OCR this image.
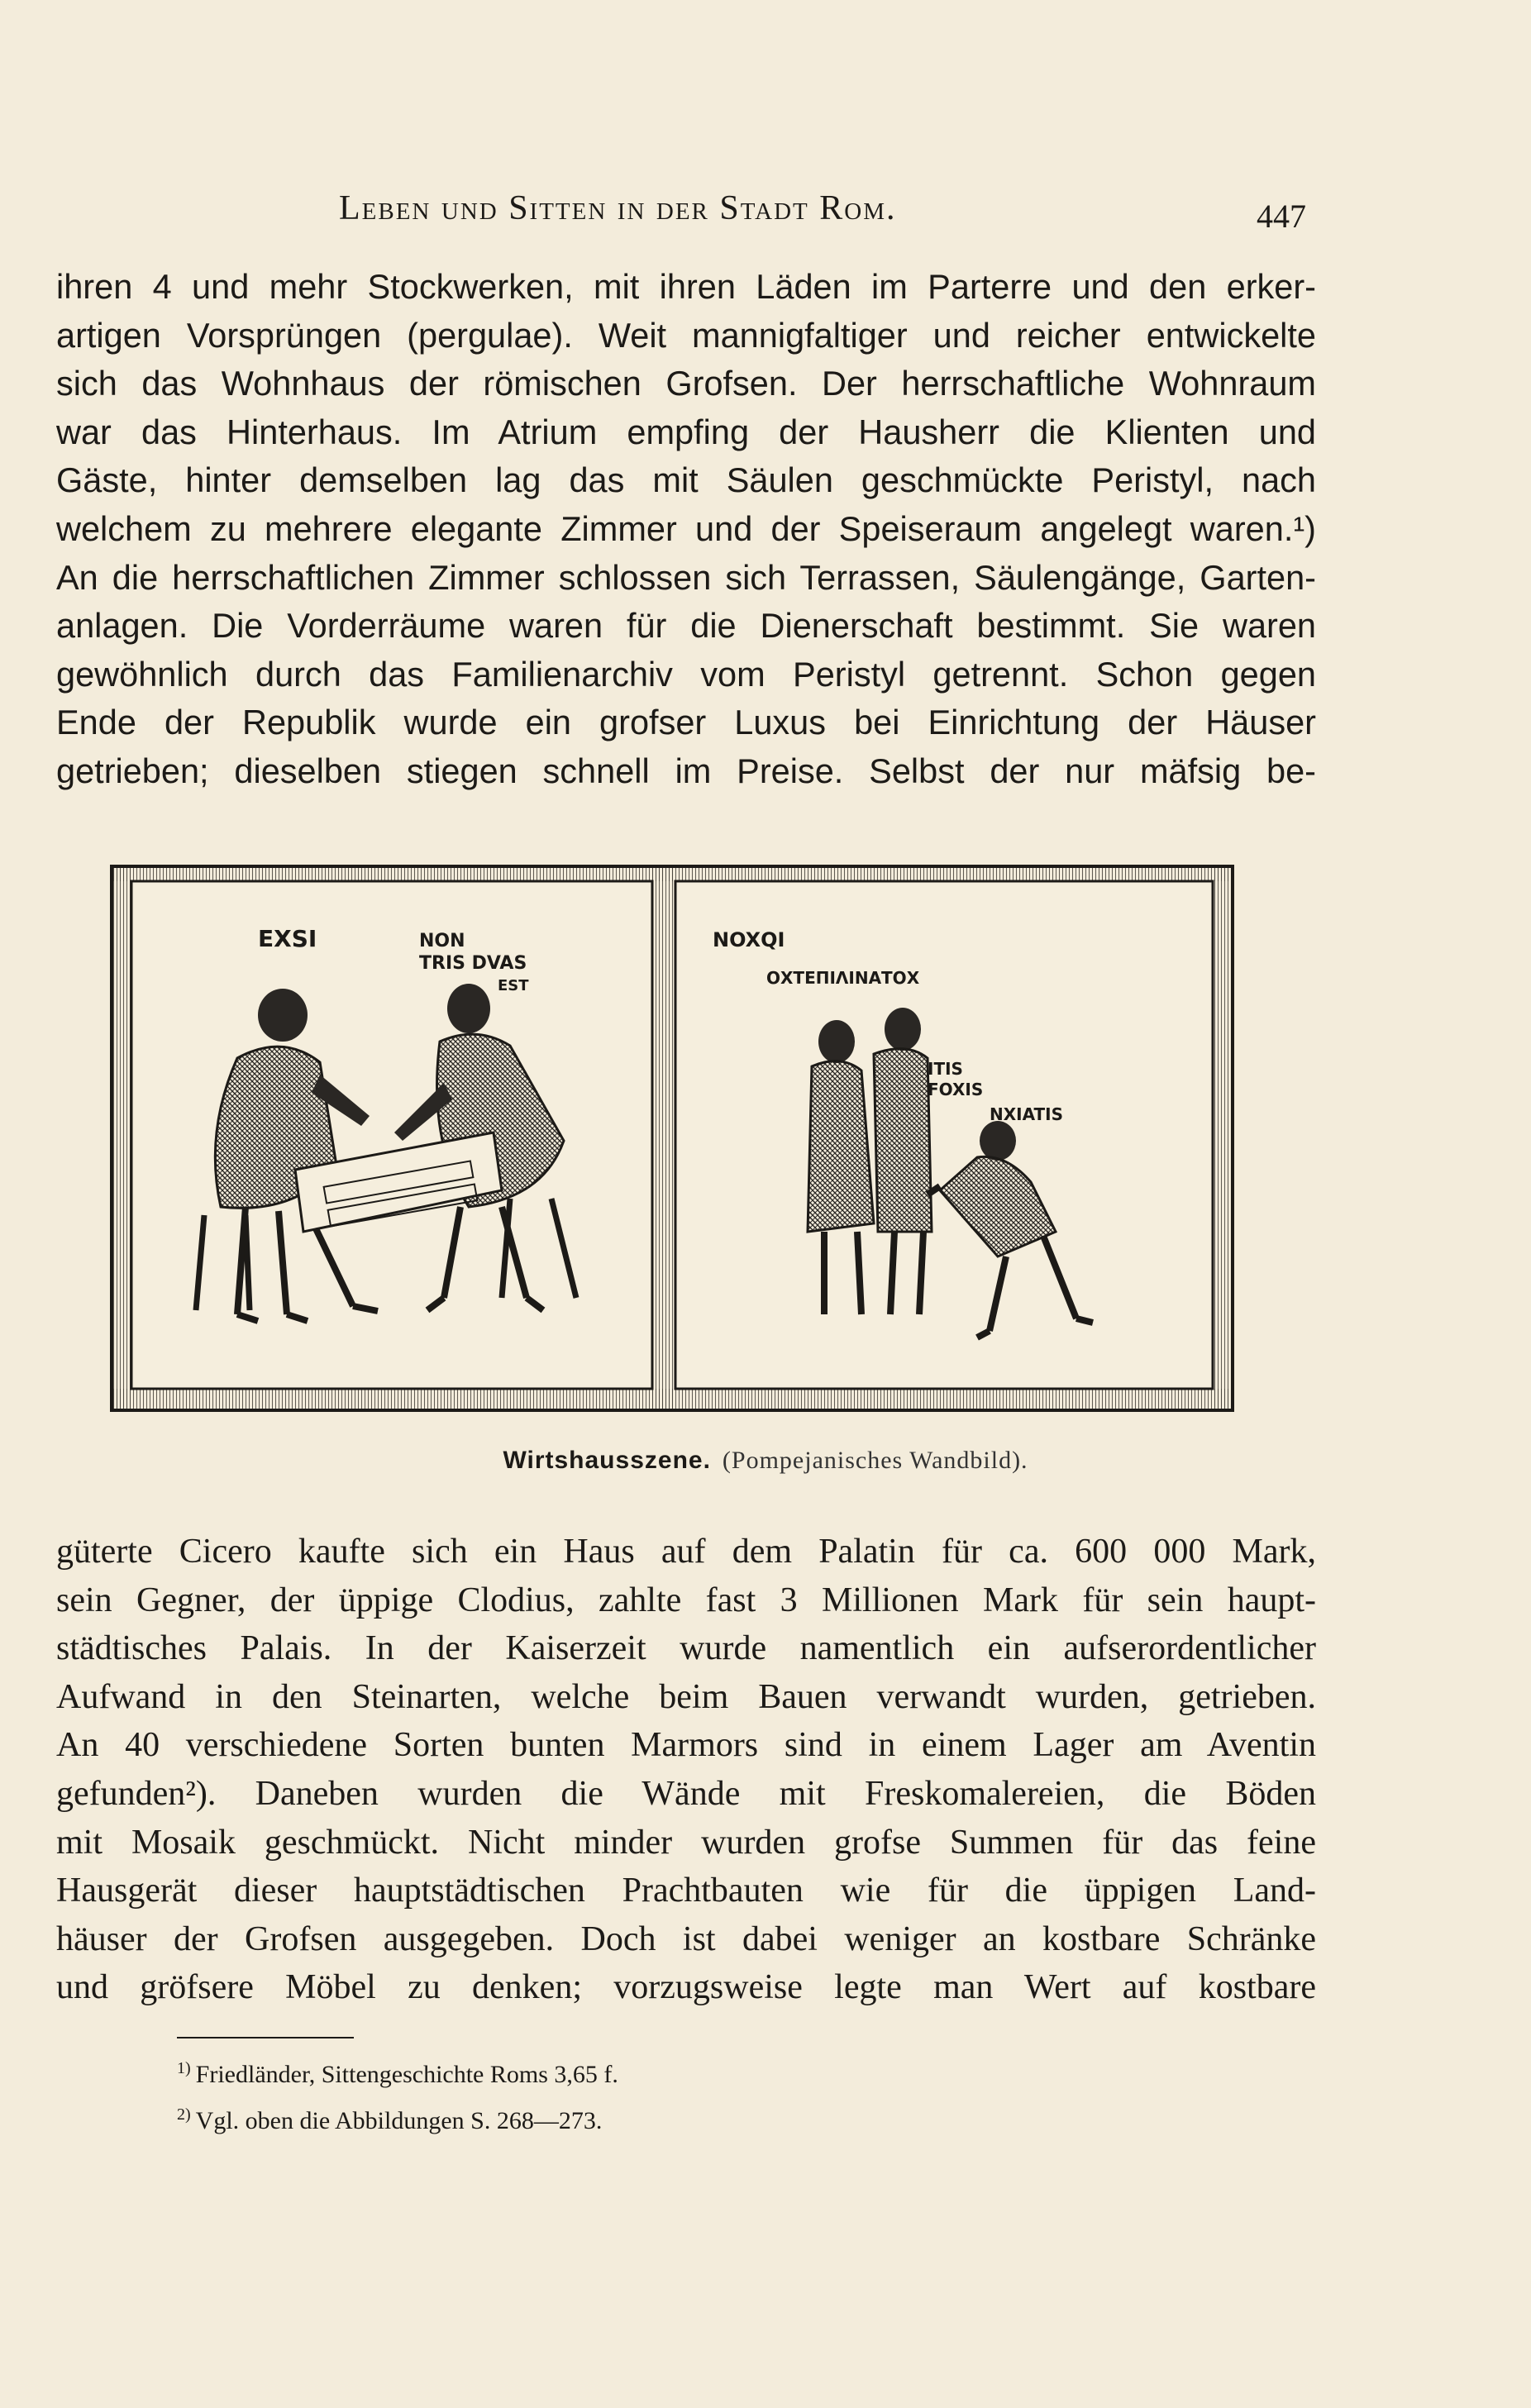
Leben und Sitten in der Stadt Rom.	447
ihren 4 und mehr Stockwerken, mit ihren Läden im Parterre und den erker-
artigen Vorsprüngen (pergulae). Weit mannigfaltiger und reicher entwickelte
sich das Wohnhaus der römischen Grofsen. Der herrschaftliche Wohnraum
war das Hinterhaus. Im Atrium empfing der Hausherr die Klienten und
Gäste, hinter demselben lag das mit Säulen geschmückte Peristyl, nach
welchem zu mehrere elegante Zimmer und der Speiseraum angelegt waren.¹)
An die herrschaftlichen Zimmer schlossen sich Terrassen, Säulengänge, Garten-
anlagen. Die Vorderräume waren für die Dienerschaft bestimmt. Sie waren
gewöhnlich durch das Familienarchiv vom Peristyl getrennt. Schon gegen
Ende der Republik wurde ein grofser Luxus bei Einrichtung der Häuser
getrieben; dieselben stiegen schnell im Preise. Selbst der nur mäfsig be-
EXSI	NON
TRIS DVAS
EST
NOXQI
ΟΧΤΕΠΙΛΙΝΑΤΟΧ
ITIS
FOXIS
NXIATIS
Wirtshausszene. (Pompejanisches Wandbild).
güterte Cicero kaufte sich ein Haus auf dem Palatin für ca. 600 000 Mark,
sein Gegner, der üppige Clodius, zahlte fast 3 Millionen Mark für sein haupt-
städtisches Palais. In der Kaiserzeit wurde namentlich ein aufserordentlicher
Aufwand in den Steinarten, welche beim Bauen verwandt wurden, getrieben.
An 40 verschiedene Sorten bunten Marmors sind in einem Lager am Aventin
gefunden²). Daneben wurden die Wände mit Freskomalereien, die Böden
mit Mosaik geschmückt. Nicht minder wurden grofse Summen für das feine
Hausgerät dieser hauptstädtischen Prachtbauten wie für die üppigen Land-
häuser der Grofsen ausgegeben. Doch ist dabei weniger an kostbare Schränke
und gröfsere Möbel zu denken; vorzugsweise legte man Wert auf kostbare
$^{1)}$ Friedländer, Sittengeschichte Roms 3,65 f.
$^{2)}$ Vgl. oben die Abbildungen S. 268—273.
